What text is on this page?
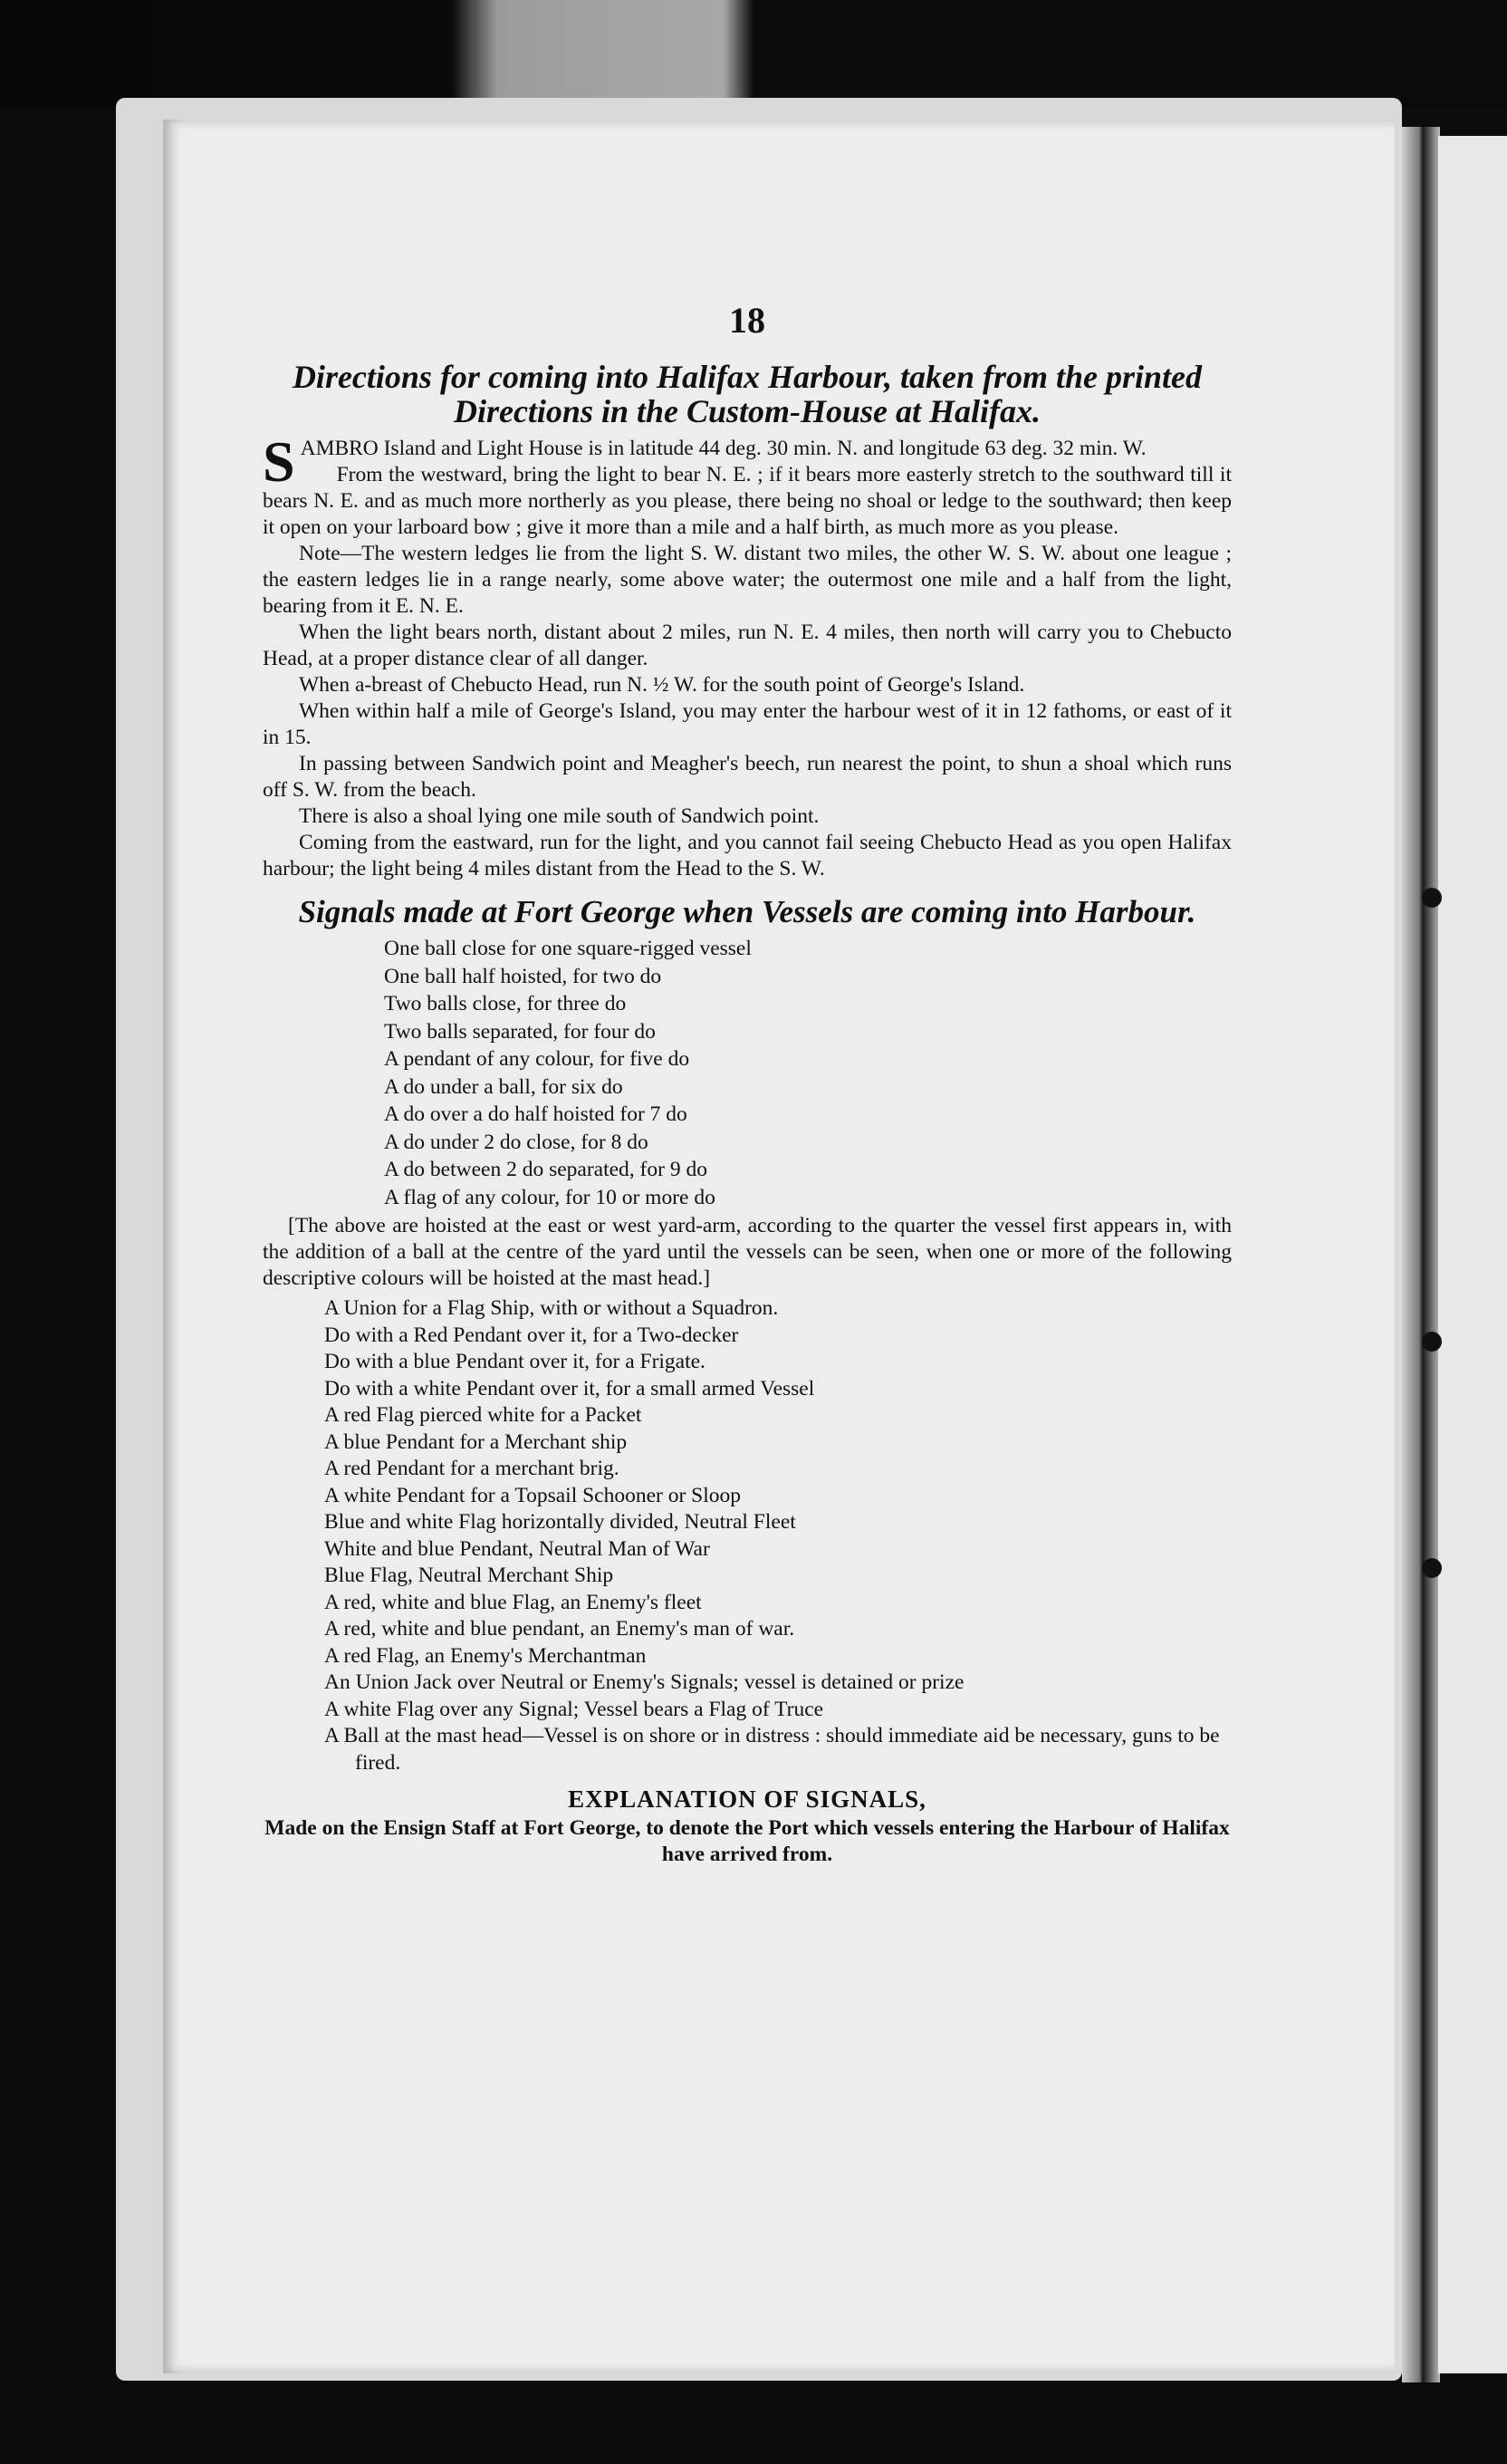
18
Directions for coming into Halifax Harbour, taken from the printed Directions in the Custom-House at Halifax.

SAMBRO Island and Light House is in latitude 44 deg. 30 min. N. and longitude 63 deg. 32 min. W.

From the westward, bring the light to bear N. E. ; if it bears more easterly stretch to the southward till it bears N. E. and as much more northerly as you please, there being no shoal or ledge to the southward; then keep it open on your larboard bow ; give it more than a mile and a half birth, as much more as you please.

Note—The western ledges lie from the light S. W. distant two miles, the other W. S. W. about one league ; the eastern ledges lie in a range nearly, some above water; the outermost one mile and a half from the light, bearing from it E. N. E.

When the light bears north, distant about 2 miles, run N. E. 4 miles, then north will carry you to Chebucto Head, at a proper distance clear of all danger.

When a-breast of Chebucto Head, run N. ½ W. for the south point of George's Island.

When within half a mile of George's Island, you may enter the harbour west of it in 12 fathoms, or east of it in 15.

In passing between Sandwich point and Meagher's beech, run nearest the point, to shun a shoal which runs off S. W. from the beach.

There is also a shoal lying one mile south of Sandwich point.

Coming from the eastward, run for the light, and you cannot fail seeing Chebucto Head as you open Halifax harbour; the light being 4 miles distant from the Head to the S. W.

Signals made at Fort George when Vessels are coming into Harbour.
One ball close for one square-rigged vessel
One ball half hoisted, for two do
Two balls close, for three do
Two balls separated, for four do
A pendant of any colour, for five do
A do under a ball, for six do
A do over a do half hoisted for 7 do
A do under 2 do close, for 8 do
A do between 2 do separated, for 9 do
A flag of any colour, for 10 or more do

[The above are hoisted at the east or west yard-arm, according to the quarter the vessel first appears in, with the addition of a ball at the centre of the yard until the vessels can be seen, when one or more of the following descriptive colours will be hoisted at the mast head.]

A Union for a Flag Ship, with or without a Squadron.
Do with a Red Pendant over it, for a Two-decker
Do with a blue Pendant over it, for a Frigate.
Do with a white Pendant over it, for a small armed Vessel
A red Flag pierced white for a Packet
A blue Pendant for a Merchant ship
A red Pendant for a merchant brig.
A white Pendant for a Topsail Schooner or Sloop
Blue and white Flag horizontally divided, Neutral Fleet
White and blue Pendant, Neutral Man of War
Blue Flag, Neutral Merchant Ship
A red, white and blue Flag, an Enemy's fleet
A red, white and blue pendant, an Enemy's man of war.
A red Flag, an Enemy's Merchantman
An Union Jack over Neutral or Enemy's Signals; vessel is detained or prize
A white Flag over any Signal; Vessel bears a Flag of Truce
A Ball at the mast head—Vessel is on shore or in distress : should immediate aid be necessary, guns to be fired.
EXPLANATION OF SIGNALS,

Made on the Ensign Staff at Fort George, to denote the Port which vessels entering the Harbour of Halifax have arrived from.
